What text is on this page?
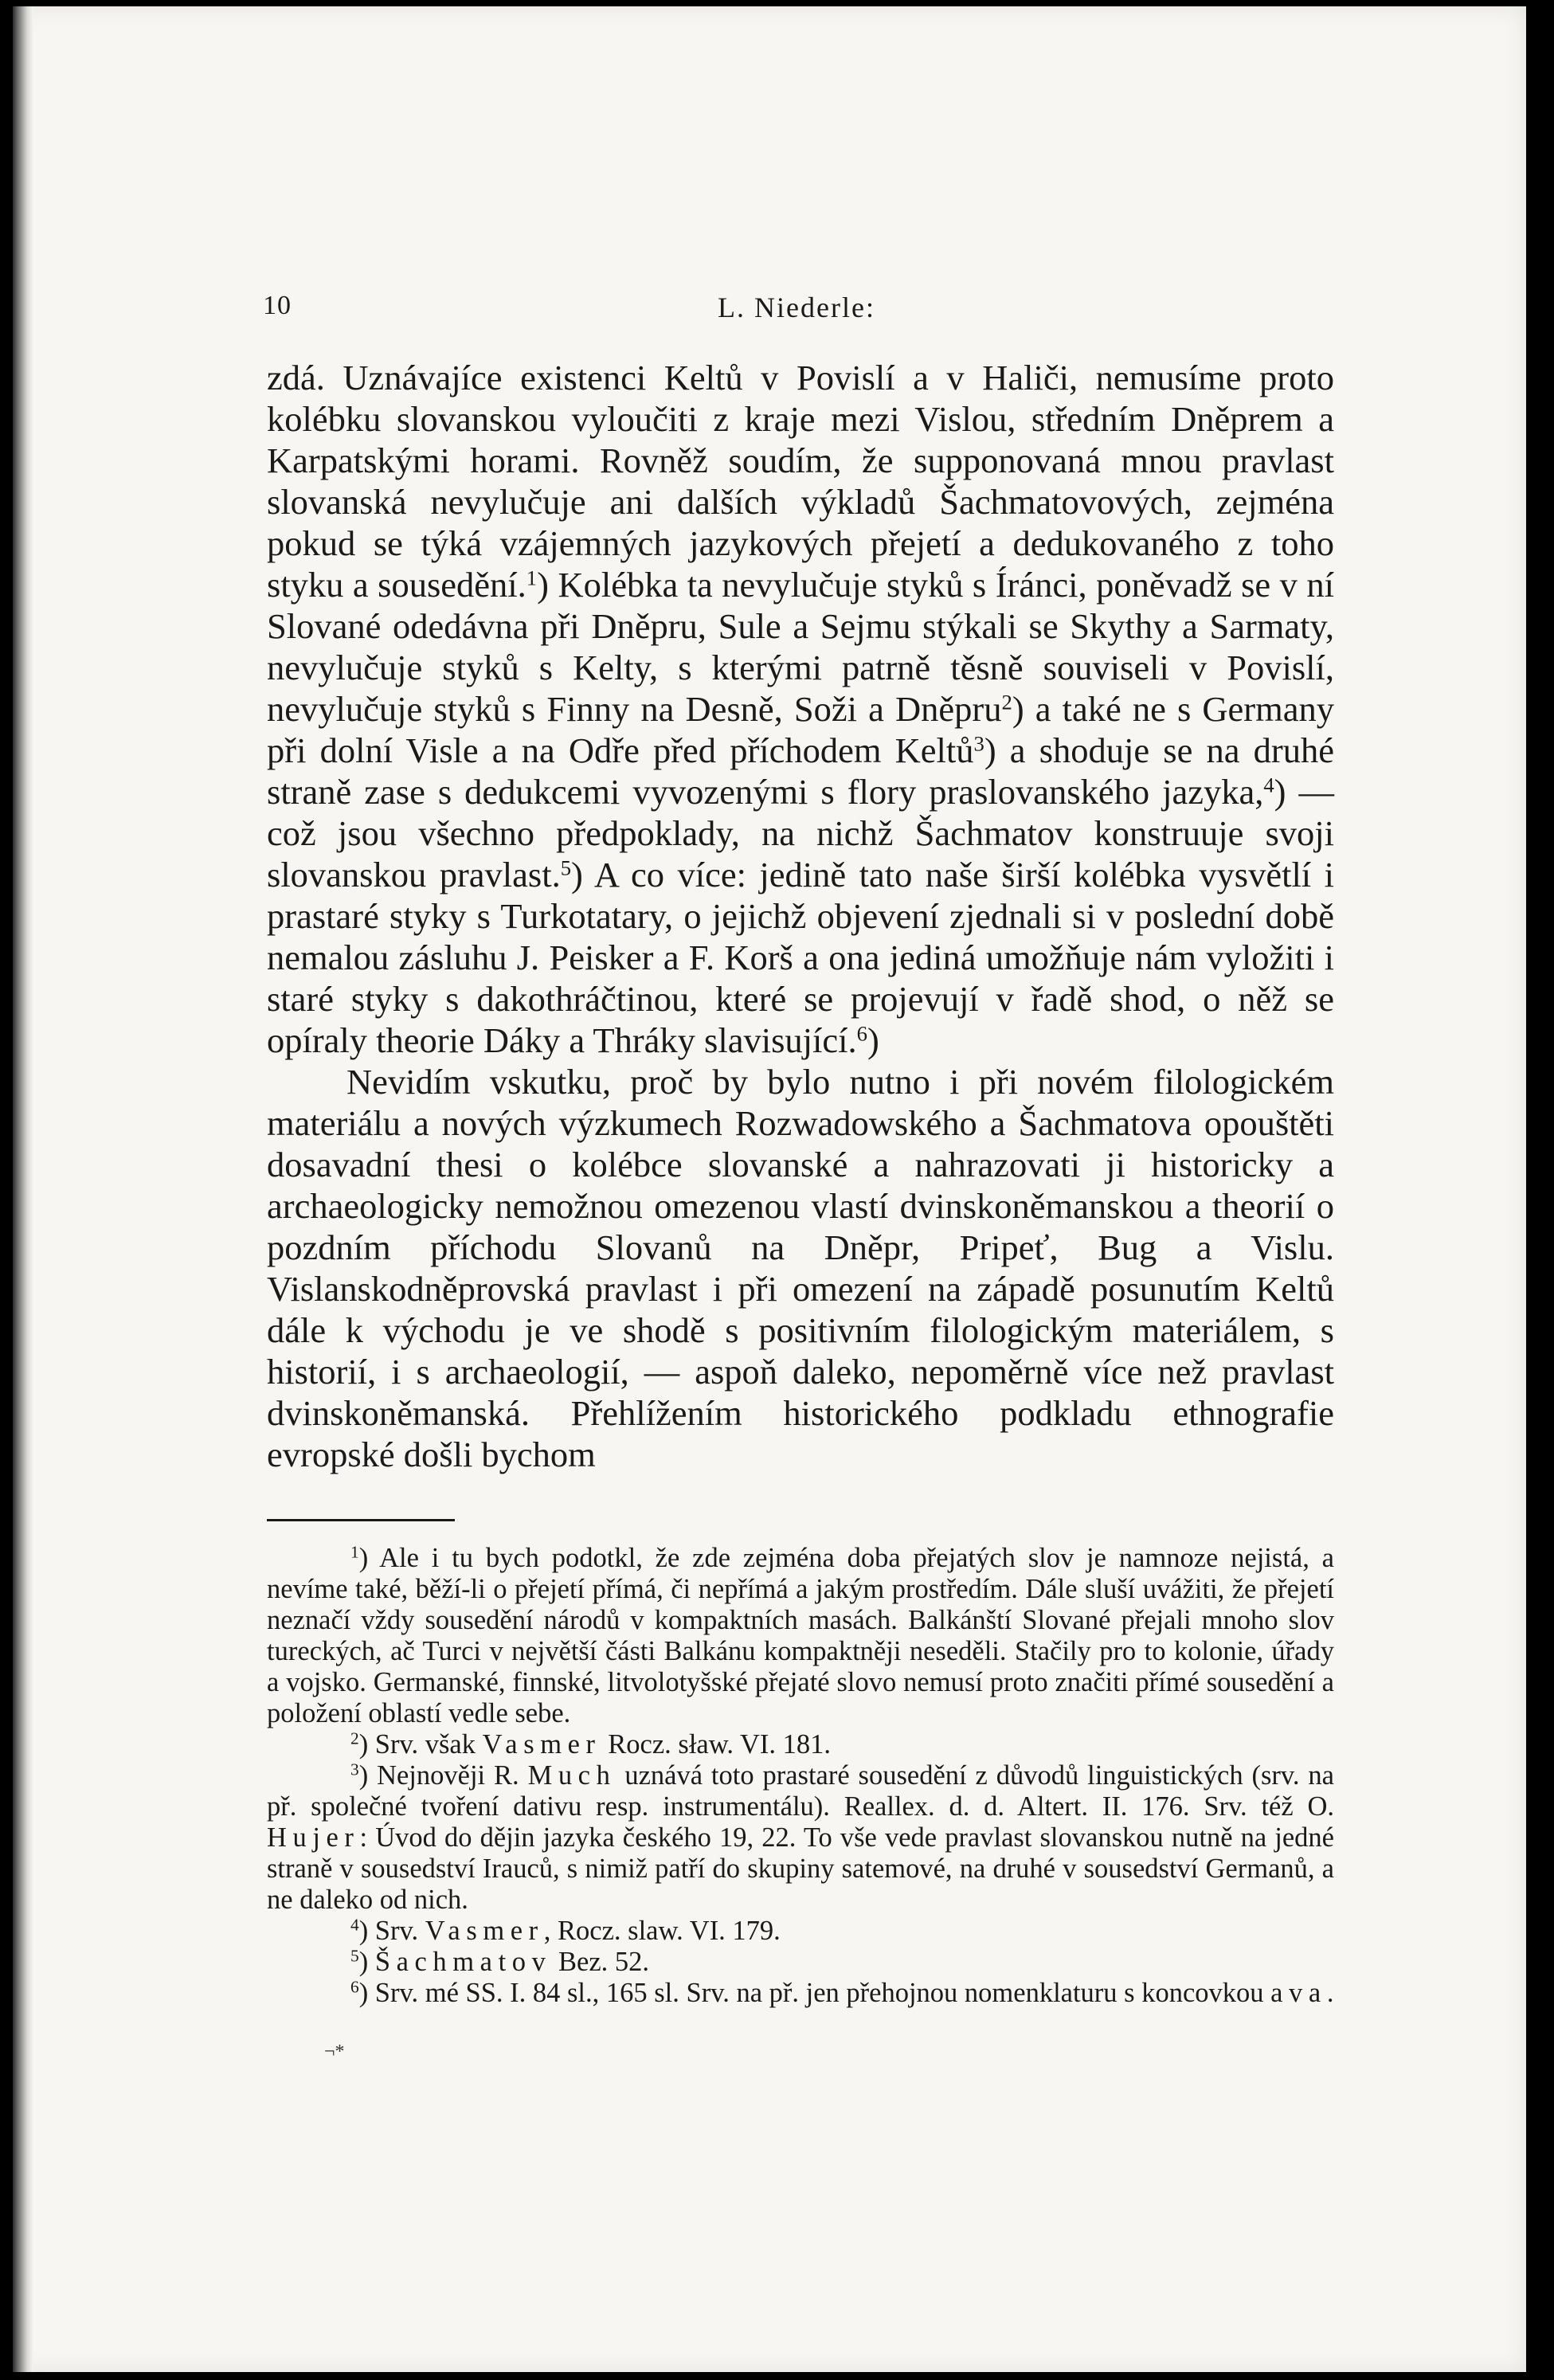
10	L. Niederle:

zdá. Uznávajíce existenci Keltů v Povislí a v Haliči, nemusíme proto kolébku slovanskou vyloučiti z kraje mezi Vislou, středním Dněprem a Karpatskými horami. Rovněž soudím, že supponovaná mnou pravlast slovanská nevylučuje ani dalších výkladů Šachmatovových, zejména pokud se týká vzájemných jazykových přejetí a dedukovaného z toho styku a sousedění.$^1$) Kolébka ta nevylučuje styků s Íránci, poněvadž se v ní Slované odedávna při Dněpru, Sule a Sejmu stýkali se Skythy a Sarmaty, nevylučuje styků s Kelty, s kterými patrně těsně souviseli v Povislí, nevylučuje styků s Finny na Desně, Soži a Dněpru$^2$) a také ne s Germany při dolní Visle a na Odře před příchodem Keltů$^3$) a shoduje se na druhé straně zase s dedukcemi vyvozenými s flory praslovanského jazyka,$^4$) — což jsou všechno předpoklady, na nichž Šachmatov konstruuje svoji slovanskou pravlast.$^5$) A co více: jedině tato naše širší kolébka vysvětlí i prastaré styky s Turkotatary, o jejichž objevení zjednali si v poslední době nemalou zásluhu J. Peisker a F. Korš a ona jediná umožňuje nám vyložiti i staré styky s dakothráčtinou, které se projevují v řadě shod, o něž se opíraly theorie Dáky a Thráky slavisující.$^6$)

Nevidím vskutku, proč by bylo nutno i při novém filologickém materiálu a nových výzkumech Rozwadowského a Šachmatova opouštěti dosavadní thesi o kolébce slovanské a nahrazovati ji historicky a archaeologicky nemožnou omezenou vlastí dvinskoněmanskou a theorií o pozdním příchodu Slovanů na Dněpr, Pripeť, Bug a Vislu. Vislanskodněprovská pravlast i při omezení na západě posunutím Keltů dále k východu je ve shodě s positivním filologickým materiálem, s historií, i s archaeologií, — aspoň daleko, nepoměrně více než pravlast dvinskoněmanská. Přehlížením historického podkladu ethnografie evropské došli bychom

$^1$) Ale i tu bych podotkl, že zde zejména doba přejatých slov je namnoze nejistá, a nevíme také, běží-li o přejetí přímá, či nepřímá a jakým prostředím. Dále sluší uvážiti, že přejetí neznačí vždy sousedění národů v kompaktních masách. Balkánští Slované přejali mnoho slov tureckých, ač Turci v největší části Balkánu kompaktněji neseděli. Stačily pro to kolonie, úřady a vojsko. Germanské, finnské, litvolotyšské přejaté slovo nemusí proto značiti přímé sousedění a položení oblastí vedle sebe.

$^2$) Srv. však Vasmer Rocz. sław. VI. 181.

$^3$) Nejnověji R. Much uznává toto prastaré sousedění z důvodů linguistických (srv. na př. společné tvoření dativu resp. instrumentálu). Reallex. d. d. Altert. II. 176. Srv. též O. Hujer: Úvod do dějin jazyka českého 19, 22. To vše vede pravlast slovanskou nutně na jedné straně v sousedství Irauců, s nimiž patří do skupiny satemové, na druhé v sousedství Germanů, a ne daleko od nich.

$^4$) Srv. Vasmer, Rocz. slaw. VI. 179.

$^5$) Šachmatov Bez. 52.

$^6$) Srv. mé SS. I. 84 sl., 165 sl. Srv. na př. jen přehojnou nomenklaturu s koncovkou ava.

¬*
